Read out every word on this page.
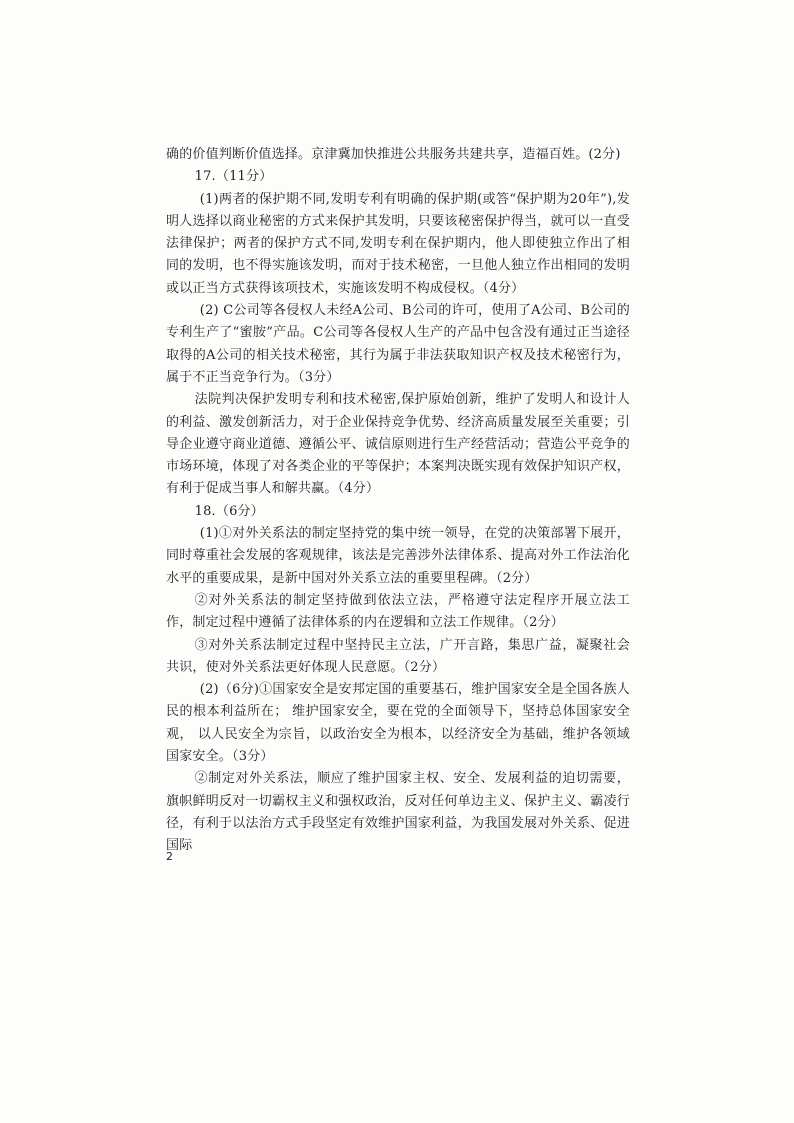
确的价值判断价值选择。京津冀加快推进公共服务共建共享，造福百姓。(2分)

17.（11分）

(1)两者的保护期不同,发明专利有明确的保护期(或答“保护期为20年”),发明人选择以商业秘密的方式来保护其发明，只要该秘密保护得当，就可以一直受法律保护；两者的保护方式不同,发明专利在保护期内，他人即使独立作出了相同的发明，也不得实施该发明，而对于技术秘密，一旦他人独立作出相同的发明或以正当方式获得该项技术，实施该发明不构成侵权。（4分）

(2) C公司等各侵权人未经A公司、B公司的许可，使用了A公司、B公司的专利生产了“蜜胺”产品。C公司等各侵权人生产的产品中包含没有通过正当途径取得的A公司的相关技术秘密，其行为属于非法获取知识产权及技术秘密行为，属于不正当竞争行为。（3分）

法院判决保护发明专利和技术秘密,保护原始创新，维护了发明人和设计人的利益、激发创新活力，对于企业保持竞争优势、经济高质量发展至关重要；引导企业遵守商业道德、遵循公平、诚信原则进行生产经营活动；营造公平竞争的市场环境，体现了对各类企业的平等保护；本案判决既实现有效保护知识产权，有利于促成当事人和解共赢。（4分）

18.（6分）

(1)①对外关系法的制定坚持党的集中统一领导，在党的决策部署下展开，同时尊重社会发展的客观规律，该法是完善涉外法律体系、提高对外工作法治化水平的重要成果，是新中国对外关系立法的重要里程碑。（2分）

②对外关系法的制定坚持做到依法立法，严格遵守法定程序开展立法工作，制定过程中遵循了法律体系的内在逻辑和立法工作规律。（2分）

③对外关系法制定过程中坚持民主立法，广开言路，集思广益，凝聚社会共识，使对外关系法更好体现人民意愿。（2分）

(2)（6分)①国家安全是安邦定国的重要基石，维护国家安全是全国各族人民的根本利益所在； 维护国家安全，要在党的全面领导下，坚持总体国家安全观， 以人民安全为宗旨，以政治安全为根本，以经济安全为基础，维护各领域国家安全。（3分）

②制定对外关系法，顺应了维护国家主权、安全、发展利益的迫切需要，旗帜鲜明反对一切霸权主义和强权政治，反对任何单边主义、保护主义、霸凌行径，有利于以法治方式手段坚定有效维护国家利益，为我国发展对外关系、促进国际

2
